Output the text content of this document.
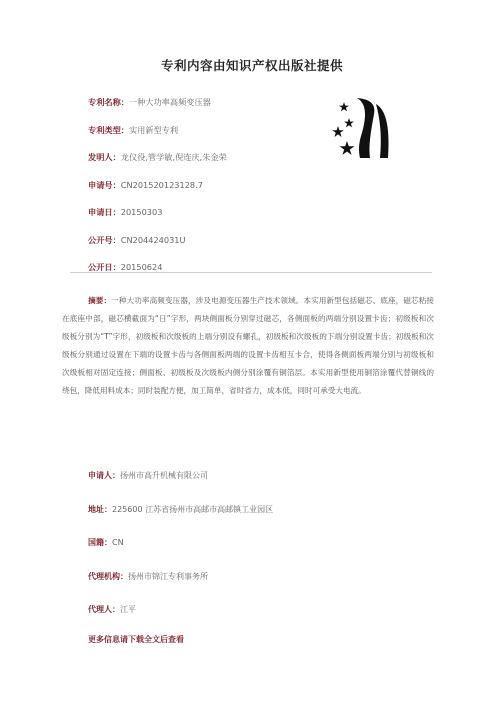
专利内容由知识产权出版社提供
专利名称：一种大功率高频变压器
专利类型：实用新型专利
发明人：龙仪役,管学敏,倪连庆,朱金荣
申请号：CN201520123128.7
申请日：20150303
公开号：CN204424031U
公开日：20150624
摘要：一种大功率高频变压器，涉及电源变压器生产技术领域。本实用新型包括磁芯、底座，磁芯粘接在底座中部，磁芯横截面为“日”字形，两块侧面板分别穿过磁芯，各侧面板的两端分别设置卡齿；初级板和次级板分别为“T”字形，初级板和次级板的上端分别设有螺孔，初级板和次级板的下端分别设置卡齿；初级板和次级板分别通过设置在下端的设置卡齿与各侧面板两端的设置卡齿相互卡合，使得各侧面板两端分别与初级板和次级板相对固定连接；侧面板、初级板及次级板内侧分别涂覆有铜箔层。本实用新型使用铜箔涂覆代替铜线的绕包，降低用料成本；同时装配方便，加工简单，省时省力，成本低，同时可承受大电流。
申请人：扬州市高升机械有限公司
地址：225600 江苏省扬州市高邮市高邮镇工业园区
国籍：CN
代理机构：扬州市锦江专利事务所
代理人：江平
更多信息请下载全文后查看
